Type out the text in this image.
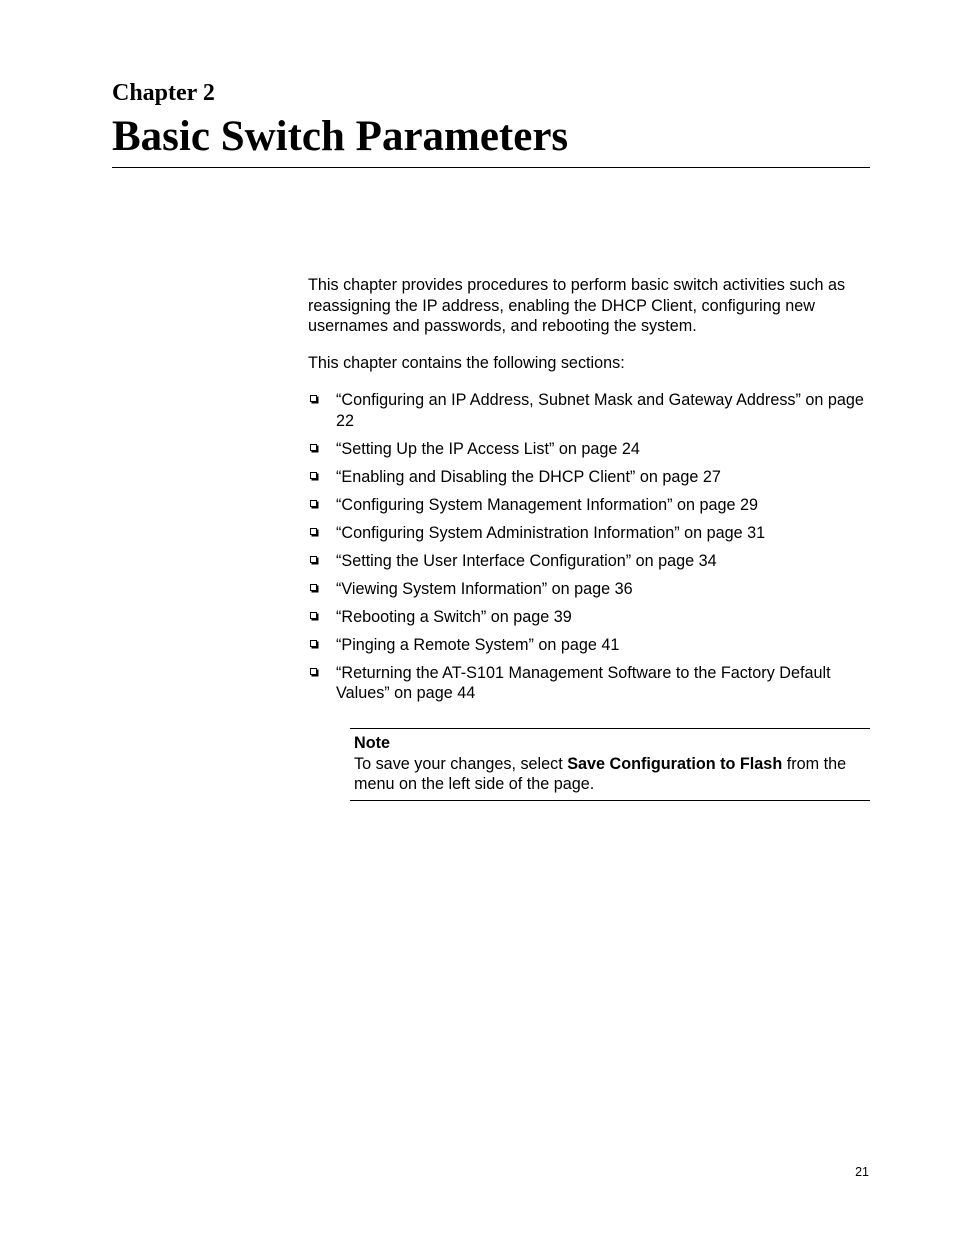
Chapter 2
Basic Switch Parameters

This chapter provides procedures to perform basic switch activities such as reassigning the IP address, enabling the DHCP Client, configuring new usernames and passwords, and rebooting the system.

This chapter contains the following sections:

“Configuring an IP Address, Subnet Mask and Gateway Address” on page 22
“Setting Up the IP Access List” on page 24
“Enabling and Disabling the DHCP Client” on page 27
“Configuring System Management Information” on page 29
“Configuring System Administration Information” on page 31
“Setting the User Interface Configuration” on page 34
“Viewing System Information” on page 36
“Rebooting a Switch” on page 39
“Pinging a Remote System” on page 41
“Returning the AT-S101 Management Software to the Factory Default Values” on page 44
Note
To save your changes, select Save Configuration to Flash from the menu on the left side of the page.
21
